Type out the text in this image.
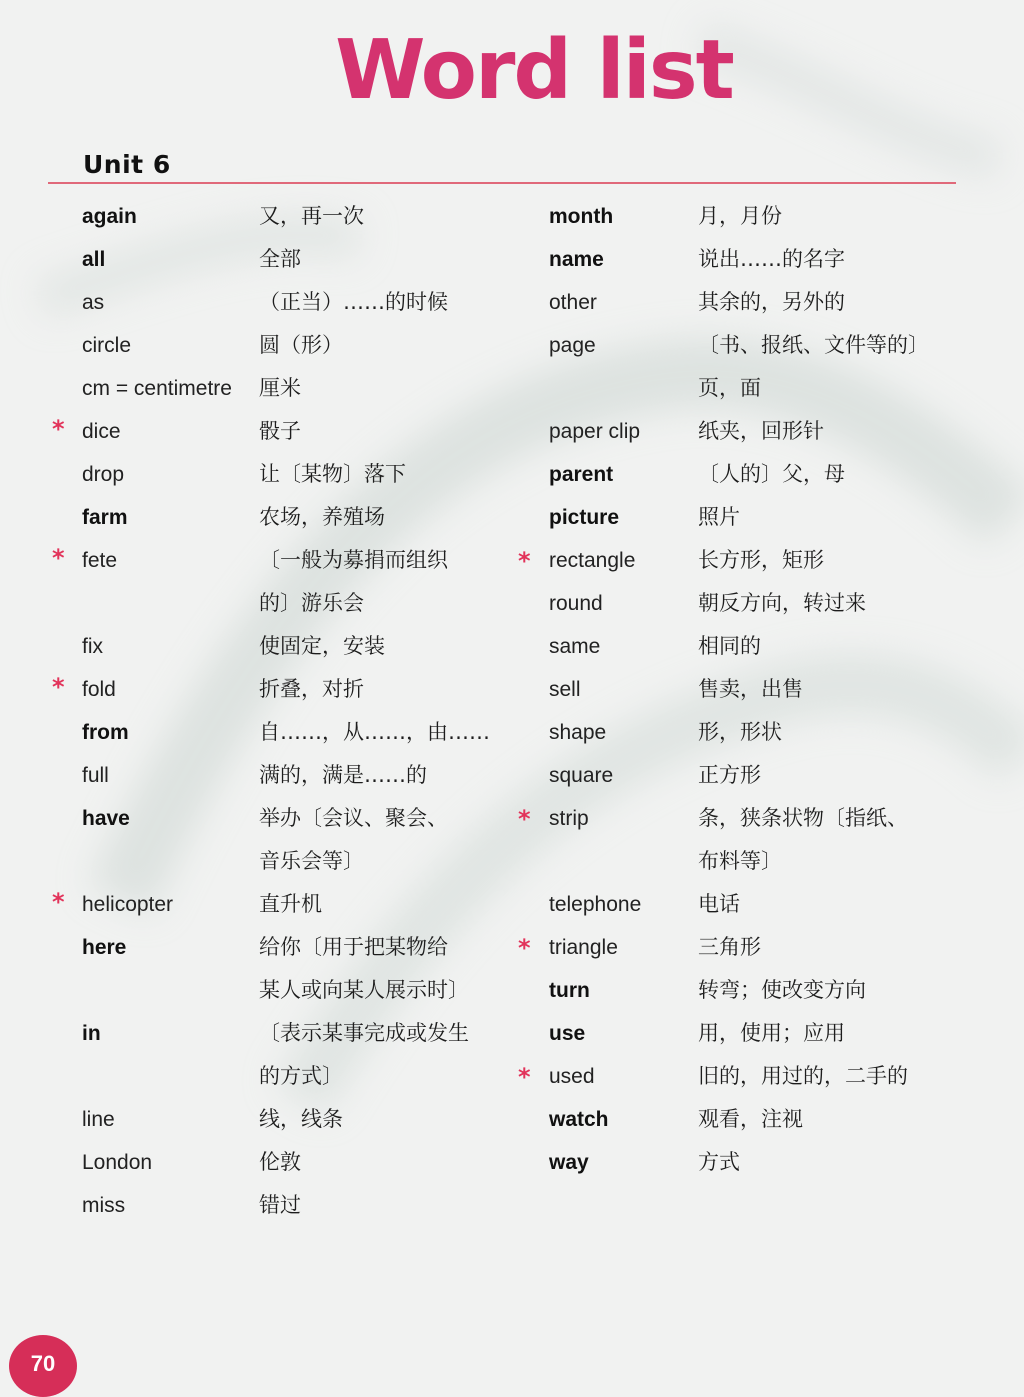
Word list
Unit 6
again	又，再一次
all	全部
as	（正当）……的时候
circle	圆（形）
cm = centimetre 厘米
* dice	骰子
drop	让〔某物〕落下
farm	农场，养殖场
* fete	〔一般为募捐而组织
的〕游乐会
fix	使固定，安装
* fold	折叠，对折
from	自……，从……，由……
full	满的，满是……的
have	举办〔会议、聚会、
音乐会等〕
* helicopter	直升机
here	给你〔用于把某物给
某人或向某人展示时〕
in	〔表示某事完成或发生
的方式〕
line	线，线条
London	伦敦
miss	错过
month	月，月份
name	说出……的名字
other	其余的，另外的
page	〔书、报纸、文件等的〕
页，面
paper clip	纸夹，回形针
parent	〔人的〕父，母
picture	照片
* rectangle	长方形，矩形
round	朝反方向，转过来
same	相同的
sell	售卖，出售
shape	形，形状
square	正方形
* strip	条，狭条状物〔指纸、
布料等〕
telephone	电话
* triangle	三角形
turn	转弯；使改变方向
use	用，使用；应用
* used	旧的，用过的，二手的
watch	观看，注视
way	方式
70
